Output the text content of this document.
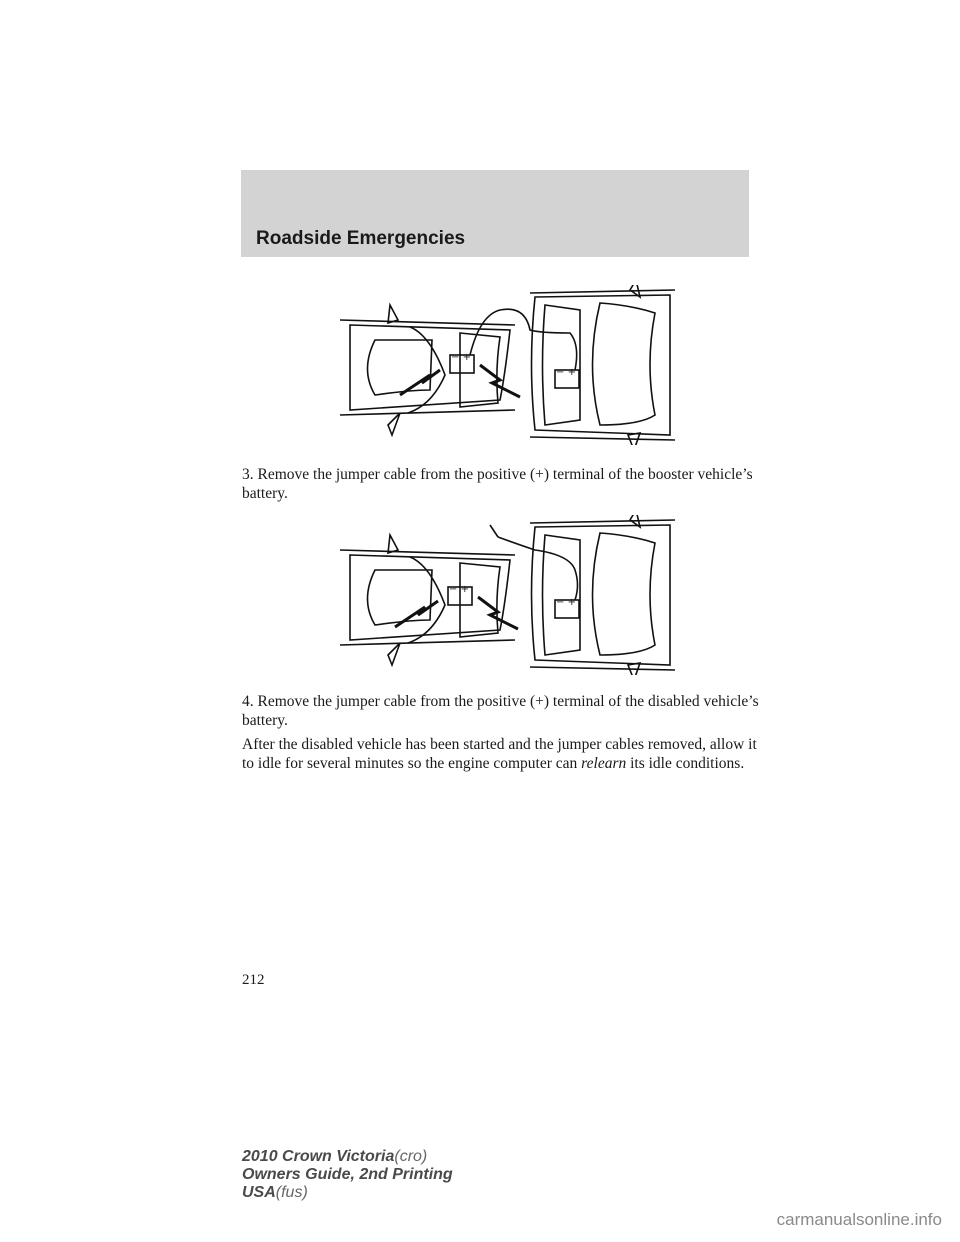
Roadside Emergencies
− +
− +

3. Remove the jumper cable from the positive (+) terminal of the booster vehicle’s battery.

− +
− +

4. Remove the jumper cable from the positive (+) terminal of the disabled vehicle’s battery.

After the disabled vehicle has been started and the jumper cables removed, allow it to idle for several minutes so the engine computer can relearn its idle conditions.

212
2010 Crown Victoria(cro)
Owners Guide, 2nd Printing
USA(fus)
carmanualsonline.info
